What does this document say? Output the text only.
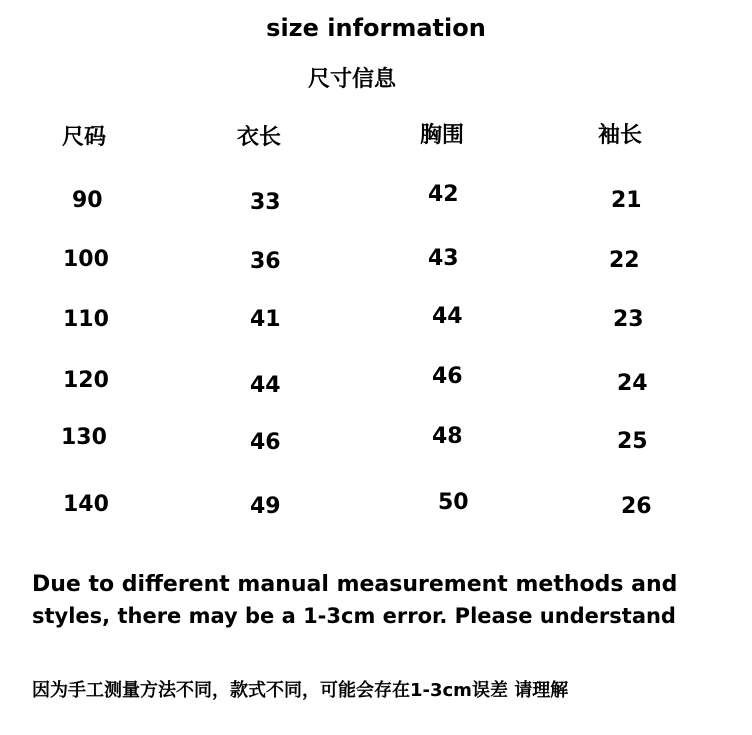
size information
尺寸信息
尺码	衣长	胸围	袖长
90	33	42	21
100	36	43	22
110	41	44	23
120	44	46	24
130	46	48	25
140	49	50	26
Due to different manual measurement methods and
styles, there may be a 1-3cm error. Please understand
因为手工测量方法不同，款式不同，可能会存在1-3cm误差 请理解
